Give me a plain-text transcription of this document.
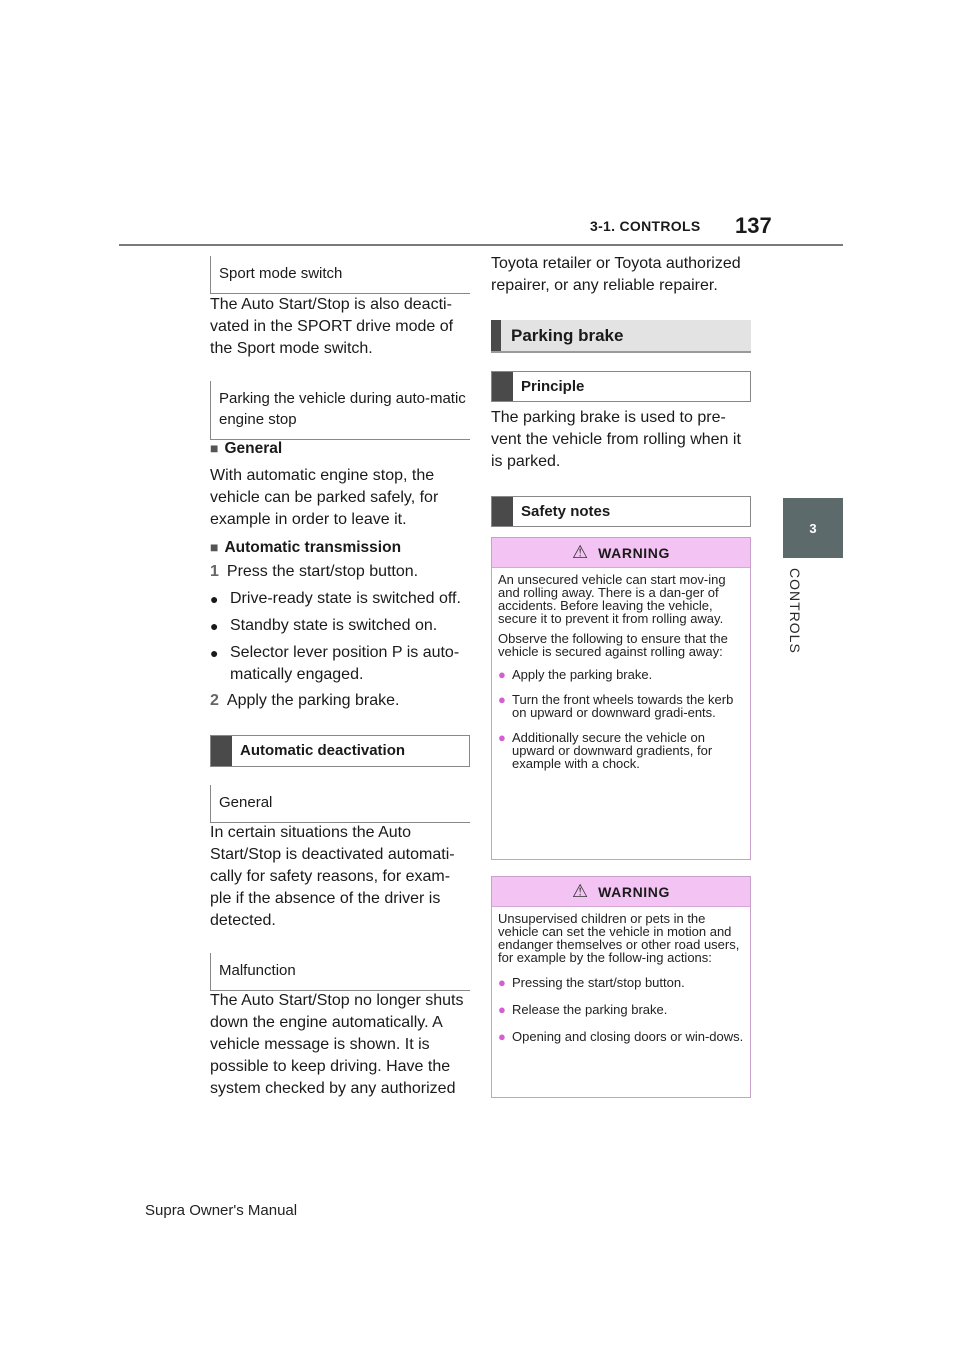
3-1. CONTROLS 137
3
CONTROLS
Sport mode switch

The Auto Start/Stop is also deacti-vated in the SPORT drive mode of the Sport mode switch.

Parking the vehicle during auto-matic engine stop
■ General

With automatic engine stop, the vehicle can be parked safely, for example in order to leave it.

■ Automatic transmission
1 Press the start/stop button.
● Drive-ready state is switched off.
● Standby state is switched on.
● Selector lever position P is auto-matically engaged.
2 Apply the parking brake.
Automatic deactivation
General

In certain situations the Auto Start/Stop is deactivated automati-cally for safety reasons, for exam-ple if the absence of the driver is detected.

Malfunction

The Auto Start/Stop no longer shuts down the engine automatically. A vehicle message is shown. It is possible to keep driving. Have the system checked by any authorized

Toyota retailer or Toyota authorized repairer, or any reliable repairer.

Parking brake
Principle

The parking brake is used to pre-vent the vehicle from rolling when it is parked.

Safety notes
⚠ WARNING

An unsecured vehicle can start mov-ing and rolling away. There is a dan-ger of accidents. Before leaving the vehicle, secure it to prevent it from rolling away.

Observe the following to ensure that the vehicle is secured against rolling away:

● Apply the parking brake.
● Turn the front wheels towards the kerb on upward or downward gradi-ents.
● Additionally secure the vehicle on upward or downward gradients, for example with a chock.
⚠ WARNING

Unsupervised children or pets in the vehicle can set the vehicle in motion and endanger themselves or other road users, for example by the follow-ing actions:

● Pressing the start/stop button.
● Release the parking brake.
● Opening and closing doors or win-dows.
Supra Owner's Manual
